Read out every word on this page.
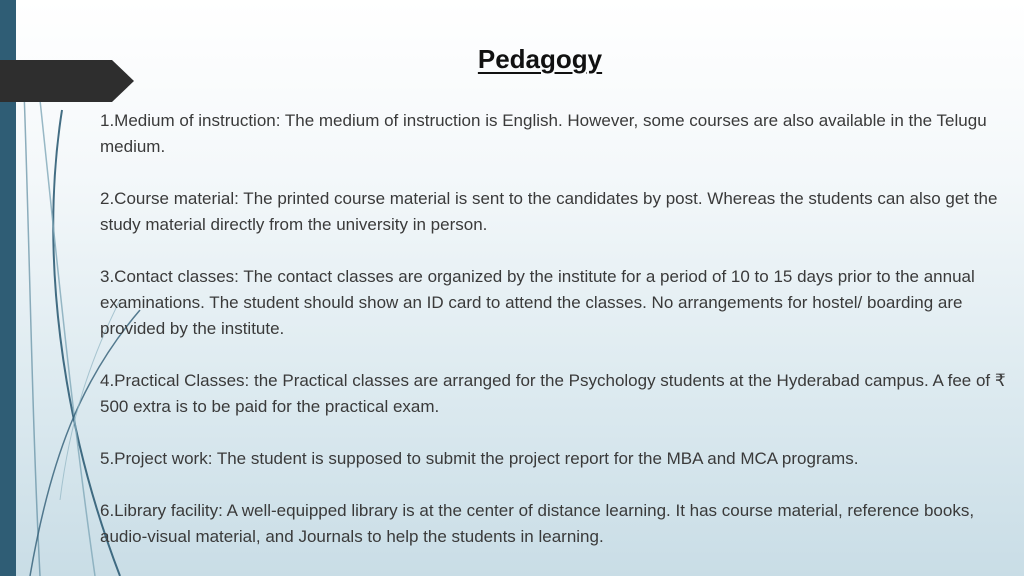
Pedagogy

1.Medium of instruction: The medium of instruction is English. However, some courses are also available in the Telugu medium.

2.Course material: The printed course material is sent to the candidates by post. Whereas the students can also get the study material directly from the university in person.

3.Contact classes: The contact classes are organized by the institute for a period of 10 to 15 days prior to the annual examinations. The student should show an ID card to attend the classes. No arrangements for hostel/ boarding are provided by the institute.

4.Practical Classes: the Practical classes are arranged for the Psychology students at the Hyderabad campus. A fee of ₹ 500 extra is to be paid for the practical exam.

5.Project work: The student is supposed to submit the project report for the MBA and MCA programs.

6.Library facility: A well-equipped library is at the center of distance learning. It has course material, reference books, audio-visual material, and Journals to help the students in learning.
